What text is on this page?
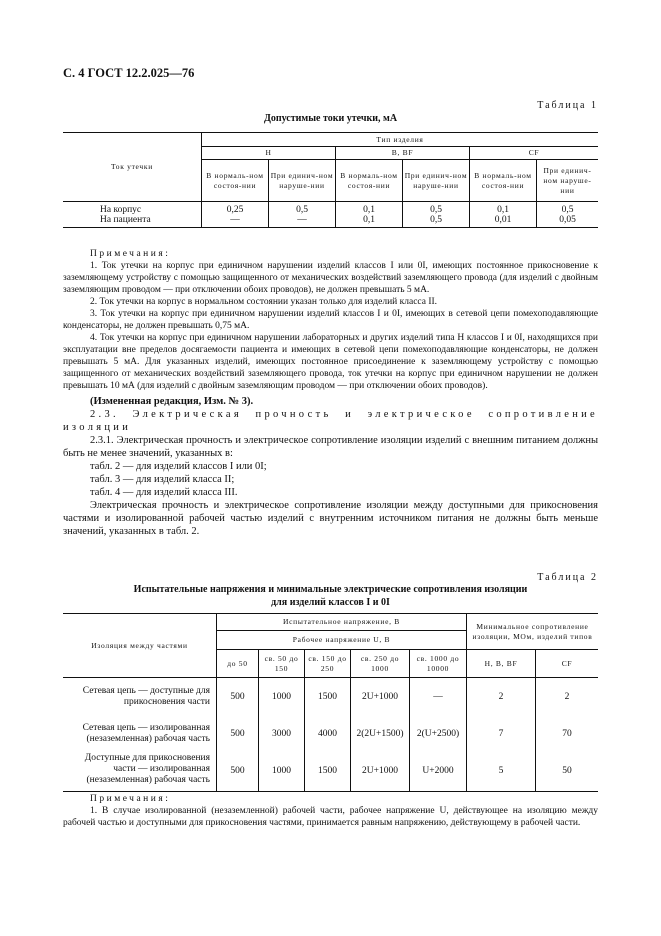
С. 4 ГОСТ 12.2.025—76
Таблица 1
Допустимые токи утечки, мА
Ток утечки	Тип изделия					
	Н		В, BF		CF	
	В нормаль-ном состоя-нии	При единич-ном наруше-нии	В нормаль-ном состоя-нии	При единич-ном наруше-нии	В нормаль-ном состоя-нии	При единич-ном наруше-нии
На корпус	0,25	0,5	0,1	0,5	0,1	0,5
На пациента	—	—	0,1	0,5	0,01	0,05

Примечания:

1. Ток утечки на корпус при единичном нарушении изделий классов I или 0I, имеющих постоянное прикосновение к заземляющему устройству с помощью защищенного от механических воздействий заземляющего провода (для изделий с двойным заземляющим проводом — при отключении обоих проводов), не должен превышать 5 мА.

2. Ток утечки на корпус в нормальном состоянии указан только для изделий класса II.

3. Ток утечки на корпус при единичном нарушении изделий классов I и 0I, имеющих в сетевой цепи помехоподавляющие конденсаторы, не должен превышать 0,75 мА.

4. Ток утечки на корпус при единичном нарушении лабораторных и других изделий типа Н классов I и 0I, находящихся при эксплуатации вне пределов досягаемости пациента и имеющих в сетевой цепи помехоподавляющие конденсаторы, не должен превышать 5 мА. Для указанных изделий, имеющих постоянное присоединение к заземляющему устройству с помощью защищенного от механических воздействий заземляющего провода, ток утечки на корпус при единичном нарушении не должен превышать 10 мА (для изделий с двойным заземляющим проводом — при отключении обоих проводов).

(Измененная редакция, Изм. № 3).

2.3. Электрическая прочность и электрическое сопротивление изоляции

2.3.1. Электрическая прочность и электрическое сопротивление изоляции изделий с внешним питанием должны быть не менее значений, указанных в:

табл. 2 — для изделий классов I или 0I;

табл. 3 — для изделий класса II;

табл. 4 — для изделий класса III.

Электрическая прочность и электрическое сопротивление изоляции между доступными для прикосновения частями и изолированной рабочей частью изделий с внутренним источником питания не должны быть меньше значений, указанных в табл. 2.

Таблица 2
Испытательные напряжения и минимальные электрические сопротивления изоляции
для изделий классов I и 0I
Изоляция между частями	Испытательное напряжение, В					Минимальное сопротивление изоляции, МОм, изделий типов	
	Рабочее напряжение U, В						
	до 50	св. 50 до 150	св. 150 до 250	св. 250 до 1000	св. 1000 до 10000	Н, В, BF	CF
Сетевая цепь — доступные для прикосновения части	500	1000	1500	2U+1000	—	2	2
Сетевая цепь — изолированная (незаземленная) рабочая часть	500	3000	4000	2(2U+1500)	2(U+2500)	7	70
Доступные для прикосновения части — изолированная (незаземленная) рабочая часть	500	1000	1500	2U+1000	U+2000	5	50

Примечания:

1. В случае изолированной (незаземленной) рабочей части, рабочее напряжение U, действующее на изоляцию между рабочей частью и доступными для прикосновения частями, принимается равным напряжению, действующему в рабочей части.
